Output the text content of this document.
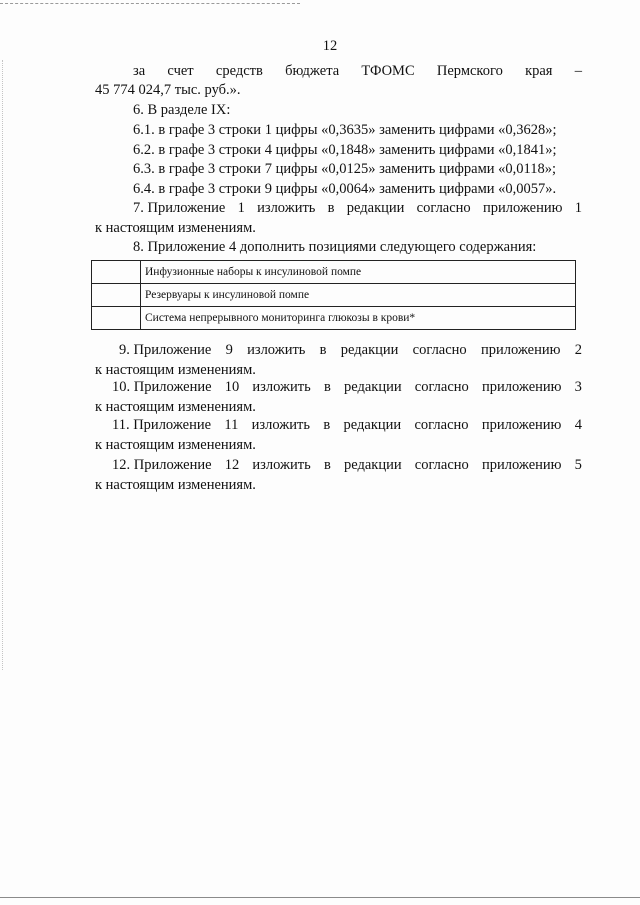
12
за счет средств бюджета ТФОМС Пермского края –
45 774 024,7 тыс. руб.».
6. В разделе IX:
6.1. в графе 3 строки 1 цифры «0,3635» заменить цифрами «0,3628»;
6.2. в графе 3 строки 4 цифры «0,1848» заменить цифрами «0,1841»;
6.3. в графе 3 строки 7 цифры «0,0125» заменить цифрами «0,0118»;
6.4. в графе 3 строки 9 цифры «0,0064» заменить цифрами «0,0057».
7. Приложение 1 изложить в редакции согласно приложению 1
к настоящим изменениям.
8. Приложение 4 дополнить позициями следующего содержания:
	Инфузионные наборы к инсулиновой помпе
	Резервуары к инсулиновой помпе
	Система непрерывного мониторинга глюкозы в крови*
9. Приложение 9 изложить в редакции согласно приложению 2
к настоящим изменениям.
10. Приложение 10 изложить в редакции согласно приложению 3
к настоящим изменениям.
11. Приложение 11 изложить в редакции согласно приложению 4
к настоящим изменениям.
12. Приложение 12 изложить в редакции согласно приложению 5
к настоящим изменениям.
